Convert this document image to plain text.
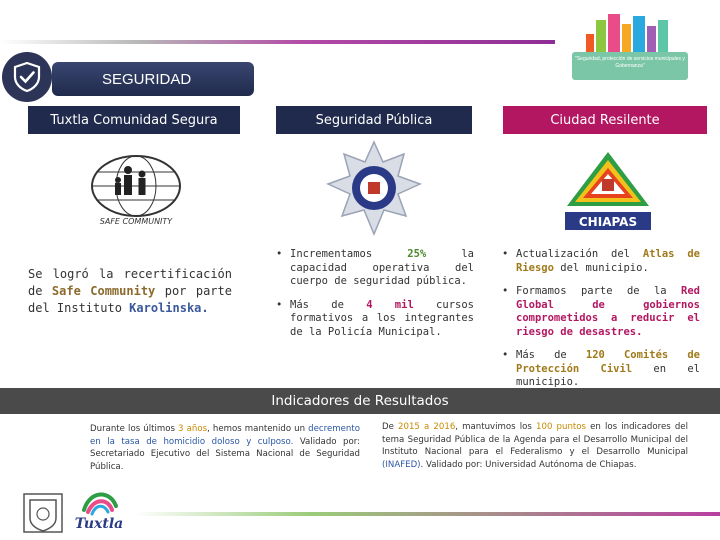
"Seguridad, protección de servicios municipales y Gobernanza"
SEGURIDAD
Tuxtla Comunidad Segura	Seguridad Pública	Ciudad Resilente
SAFE COMMUNITY	CHIAPAS

Se logró la recertificación de Safe Community por parte del Instituto Karolinska.

• Incrementamos 25% la capacidad operativa del cuerpo de seguridad pública.
• Más de 4 mil cursos formativos a los integrantes de la Policía Municipal.
• Actualización del Atlas de Riesgo del municipio.
• Formamos parte de la Red Global de gobiernos comprometidos a reducir el riesgo de desastres.
• Más de 120 Comités de Protección Civil en el municipio.
Indicadores de Resultados

Durante los últimos 3 años, hemos mantenido un decremento en la tasa de homicidio doloso y culposo. Validado por: Secretariado Ejecutivo del Sistema Nacional de Seguridad Pública.

De 2015 a 2016, mantuvimos los 100 puntos en los indicadores del tema Seguridad Pública de la Agenda para el Desarrollo Municipal del Instituto Nacional para el Federalismo y el Desarrollo Municipal (INAFED). Validado por: Universidad Autónoma de Chiapas.

Tuxtla
